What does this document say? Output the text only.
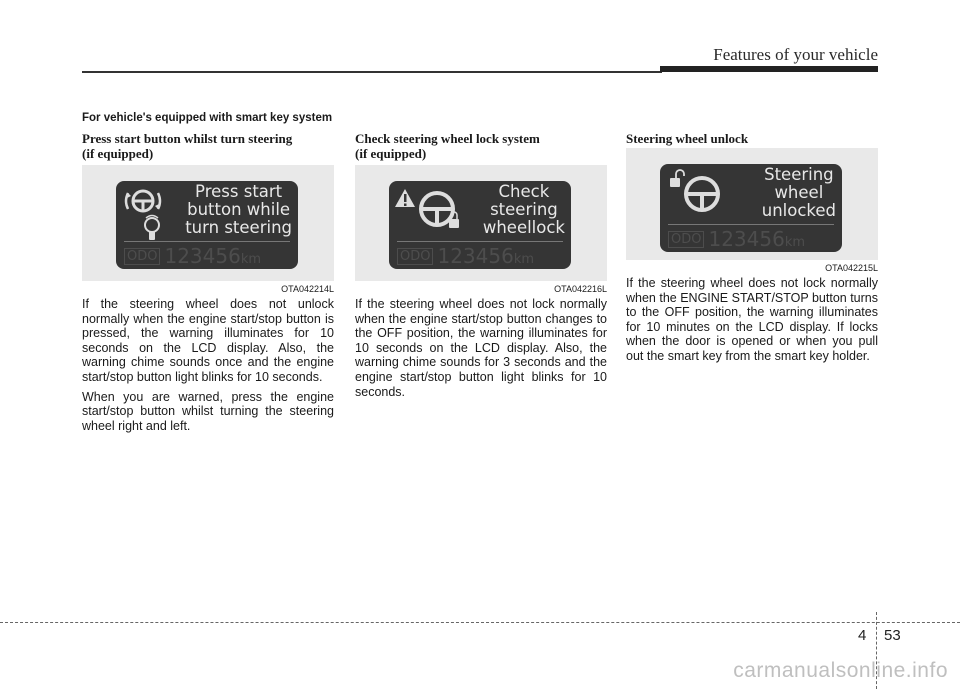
Features of your vehicle
For vehicle's equipped with smart key system
Press start button whilst turn steering
(if equipped)
Press start
button while
turn steering
ODO 123456km
OTA042214L

If the steering wheel does not unlock normally when the engine start/stop button is pressed, the warning illuminates for 10 seconds on the LCD display. Also, the warning chime sounds once and the engine start/stop button light blinks for 10 seconds.

When you are warned, press the engine start/stop button whilst turning the steering wheel right and left.

Check steering wheel lock system
(if equipped)
Check
steering
wheellock
ODO 123456km
OTA042216L

If the steering wheel does not lock normally when the engine start/stop button changes to the OFF position, the warning illuminates for 10 seconds on the LCD display. Also, the warning chime sounds for 3 seconds and the engine start/stop button light blinks for 10 seconds.

Steering wheel unlock
Steering
wheel
unlocked
ODO 123456km
OTA042215L

If the steering wheel does not lock normally when the ENGINE START/STOP button turns to the OFF position, the warning illuminates for 10 minutes on the LCD display. If locks when the door is opened or when you pull out the smart key from the smart key holder.

4 53
carmanualsonline.info
